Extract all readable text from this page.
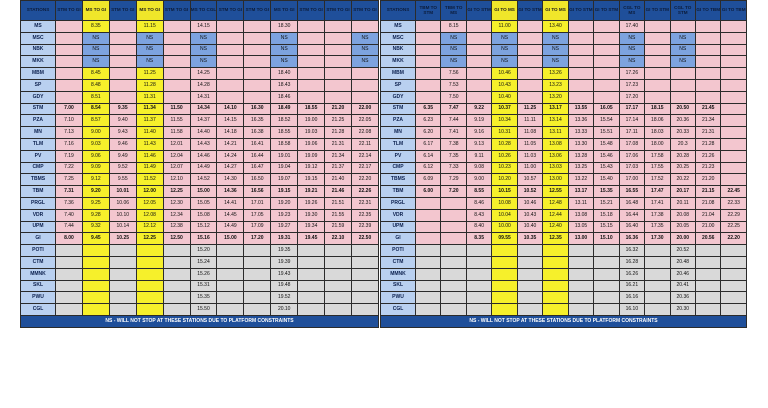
STATIONS	STM TO GI	MS TO GI	STM TO GI	MS TO GI	STM TO GI	MS TO CGL	STM TO GI	STM TO GI	MS TO GI	STM TO GI	STM TO GI	STM TO GI
MS		8.35		11.15		14.15			18.30			
MSC		NS		NS		NS			NS			NS
NBK		NS		NS		NS			NS			NS
MKK		NS		NS		NS			NS			NS
MBM		8.45		11.25		14.25			18.40			
SP		8.48		11.28		14.28			18.43			
GDY		8.51		11.31		14.31			18.46			
STM	7.00	8.54	9.35	11.34	11.50	14.34	14.10	16.30	18.49	18.55	21.20	22.00
PZA	7.10	8.57	9.40	11.37	11.55	14.37	14.15	16.35	18.52	19.00	21.25	22.05
MN	7.13	9.00	9.43	11.40	11.58	14.40	14.18	16.38	18.55	19.03	21.28	22.08
TLM	7.16	9.03	9.46	11.43	12.01	14.43	14.21	16.41	18.58	19.06	21.31	22.11
PV	7.19	9.06	9.49	11.46	12.04	14.46	14.24	16.44	19.01	19.09	21.34	22.14
CMP	7.22	9.09	9.52	11.49	12.07	14.49	14.27	16.47	19.04	19.12	21.37	22.17
TBMS	7.25	9.12	9.55	11.52	12.10	14.52	14.30	16.50	19.07	19.15	21.40	22.20
TBM	7.31	9.20	10.01	12.00	12.25	15.00	14.36	16.56	19.15	19.21	21.46	22.26
PRGL	7.36	9.25	10.06	12.05	12.30	15.05	14.41	17.01	19.20	19.26	21.51	22.31
VDR	7.40	9.28	10.10	12.08	12.34	15.08	14.45	17.05	19.23	19.30	21.55	22.35
UPM	7.44	9.32	10.14	12.12	12.38	15.12	14.49	17.09	19.27	19.34	21.59	22.39
GI	8.00	9.45	10.25	12.25	12.50	15.16	15.00	17.20	19.31	19.45	22.10	22.50
POTI						15.20			19.35			
CTM						15.24			19.39			
MMNK						15.26			19.43			
SKL						15.31			19.48			
PWU						15.35			19.52			
CGL						15.50			20.10			
NS - WILL NOT STOP AT THESE STATIONS DUE TO PLATFORM CONSTRAINTS												
STATIONS	TBM TO STM	TBM TO MS	GI TO STM	GI TO MS	GI TO STM	GI TO MS	GI TO STM	GI TO STM	CGL TO MS	GI TO STM	CGL TO STM	GI TO TBM	GI TO TBM
MS		8.15		11.00		13.40			17.40				
MSC		NS		NS		NS			NS		NS		
NBK		NS		NS		NS			NS		NS		
MKK		NS		NS		NS			NS		NS		
MBM		7.56		10.46		13.26			17.26				
SP		7.53		10.43		13.23			17.23				
GDY		7.50		10.40		13.20			17.20				
STM	6.35	7.47	9.22	10.37	11.25	13.17	13.55	16.05	17.17	18.15	20.50	21.45	
PZA	6.23	7.44	9.19	10.34	11.11	13.14	13.36	15.54	17.14	18.06	20.36	21.34	
MN	6.20	7.41	9.16	10.31	11.08	13.11	13.33	15.51	17.11	18.03	20.33	21.31	
TLM	6.17	7.38	9.13	10.28	11.05	13.08	13.30	15.48	17.08	18.00	20.3	21.28	
PV	6.14	7.35	9.11	10.26	11.03	13.06	13.28	15.46	17.06	17.58	20.28	21.26	
CMP	6.12	7.33	9.08	10.23	11.00	13.03	13.25	15.43	17.03	17.55	20.25	21.23	
TBMS	6.09	7.29	9.00	10.20	10.57	13.00	13.22	15.40	17.00	17.52	20.22	21.20	
TBM	6.00	7.20	8.55	10.15	10.52	12.55	13.17	15.35	16.55	17.47	20.17	21.15	22.45
PRGL			8.46	10.08	10.46	12.48	13.11	15.21	16.48	17.41	20.11	21.08	22.33
VDR			8.43	10.04	10.43	12.44	13.08	15.18	16.44	17.38	20.08	21.04	22.29
UPM			8.40	10.00	10.40	12.40	13.05	15.15	16.40	17.35	20.05	21.00	22.25
GI			8.35	09.55	10.35	12.35	13.00	15.10	16.36	17.30	20.00	20.56	22.20
POTI									16.32		20.52		
CTM									16.28		20.48		
MMNK									16.26		20.46		
SKL									16.21		20.41		
PWU									16.16		20.36		
CGL									16.10		20.30		
NS - WILL NOT STOP AT THESE STATIONS DUE TO PLATFORM CONSTRAINTS													
